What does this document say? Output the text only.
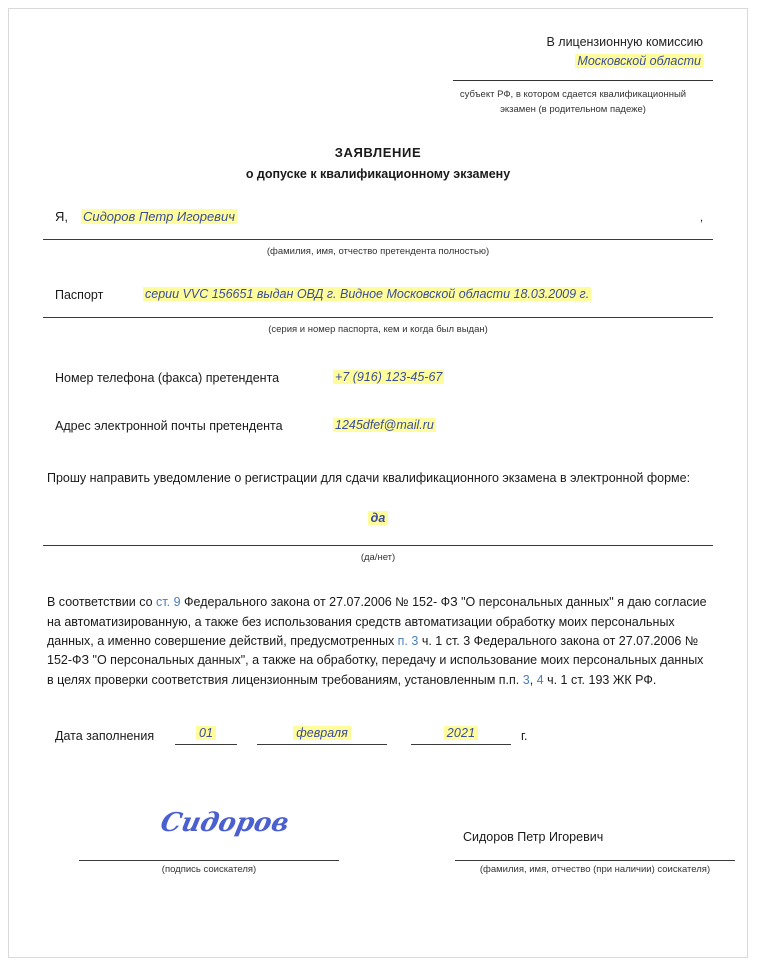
В лицензионную комиссию
Московской области
субъект РФ, в котором сдается квалификационный
экзамен (в родительном падеже)
ЗАЯВЛЕНИЕ
о допуске к квалификационному экзамену
Я, Сидоров Петр Игоревич	,
(фамилия, имя, отчество претендента полностью)
Паспорт	серии VVC 156651 выдан ОВД г. Видное Московской области 18.03.2009 г.
(серия и номер паспорта, кем и когда был выдан)
Номер телефона (факса) претендента	+7 (916) 123-45-67
Адрес электронной почты претендента	1245dfef@mail.ru
Прошу направить уведомление о регистрации для сдачи квалификационного экзамена в электронной форме:
да
(да/нет)
В соответствии со ст. 9 Федерального закона от 27.07.2006 № 152- ФЗ "О персональных данных" я даю согласие на автоматизированную, а также без использования средств автоматизации обработку моих персональных данных, а именно совершение действий, предусмотренных п. 3 ч. 1 ст. 3 Федерального закона от 27.07.2006 № 152-ФЗ "О персональных данных", а также на обработку, передачу и использование моих персональных данных в целях проверки соответствия лицензионным требованиям, установленным п.п. 3, 4 ч. 1 ст. 193 ЖК РФ.
Дата заполнения	01	февраля	2021	г.
Сидоров	Сидоров Петр Игоревич
(подпись соискателя)	(фамилия, имя, отчество (при наличии) соискателя)
